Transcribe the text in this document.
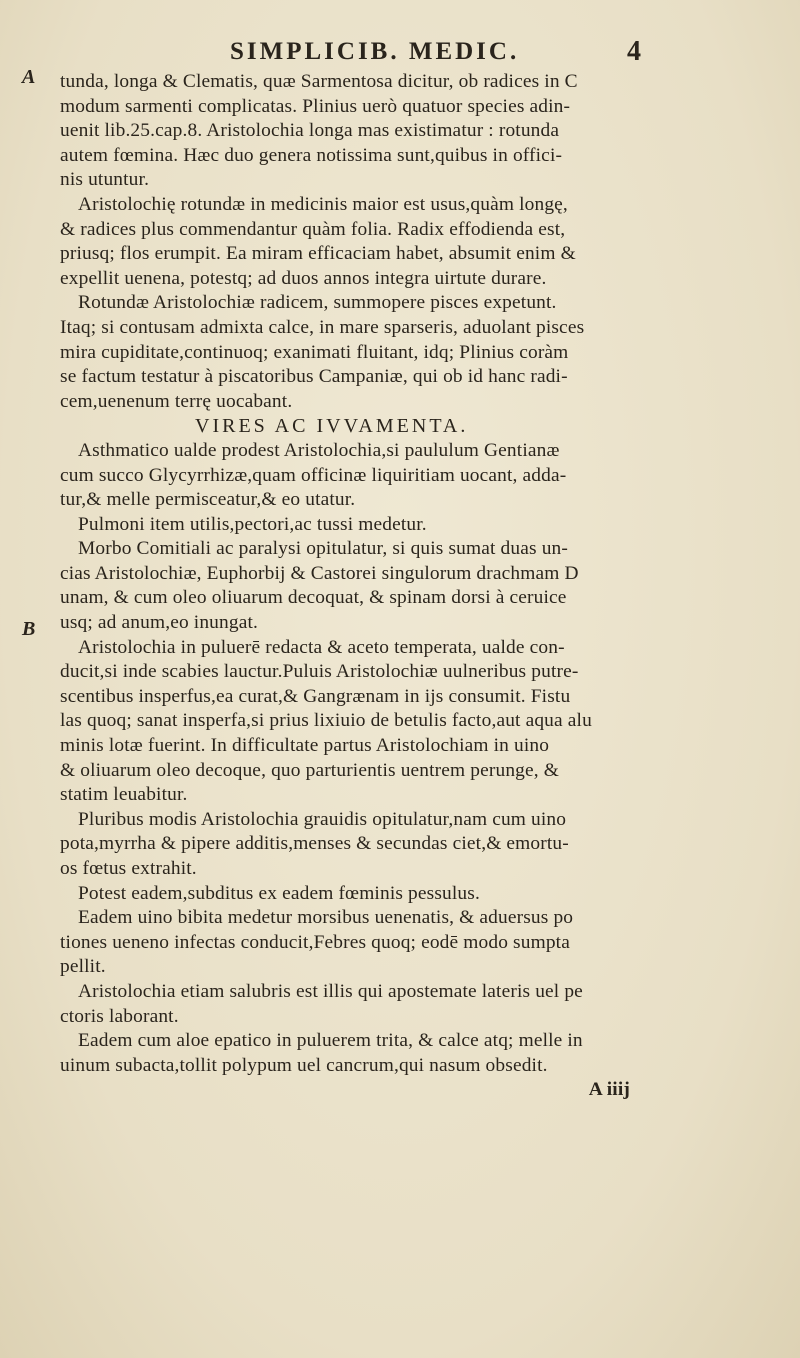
SIMPLICIB. MEDIC.	4
A
B
tunda, longa & Clematis, quæ Sarmentosa dicitur, ob radices in C
modum sarmenti complicatas. Plinius uerò quatuor species adin-
uenit lib.25.cap.8. Aristolochia longa mas existimatur : rotunda
autem fœmina. Hæc duo genera notissima sunt,quibus in offici-
nis utuntur.
Aristolochię rotundæ in medicinis maior est usus,quàm longę,
& radices plus commendantur quàm folia. Radix effodienda est,
priusq; flos erumpit. Ea miram efficaciam habet, absumit enim &
expellit uenena, potestq; ad duos annos integra uirtute durare.
Rotundæ Aristolochiæ radicem, summopere pisces expetunt.
Itaq; si contusam admixta calce, in mare sparseris, aduolant pisces
mira cupiditate,continuoq; exanimati fluitant, idq; Plinius coràm
se factum testatur à piscatoribus Campaniæ, qui ob id hanc radi-
cem,uenenum terrę uocabant.
VIRES AC IVVAMENTA.
Asthmatico ualde prodest Aristolochia,si paululum Gentianæ
cum succo Glycyrrhizæ,quam officinæ liquiritiam uocant, adda-
tur,& melle permisceatur,& eo utatur.
Pulmoni item utilis,pectori,ac tussi medetur.
Morbo Comitiali ac paralysi opitulatur, si quis sumat duas un-
cias Aristolochiæ, Euphorbij & Castorei singulorum drachmam D
unam, & cum oleo oliuarum decoquat, & spinam dorsi à ceruice
usq; ad anum,eo inungat.
Aristolochia in puluerē redacta & aceto temperata, ualde con-
ducit,si inde scabies lauctur.Puluis Aristolochiæ uulneribus putre-
scentibus insperfus,ea curat,& Gangrænam in ijs consumit. Fistu
las quoq; sanat insperfa,si prius lixiuio de betulis facto,aut aqua alu
minis lotæ fuerint. In difficultate partus Aristolochiam in uino
& oliuarum oleo decoque, quo parturientis uentrem perunge, &
statim leuabitur.
Pluribus modis Aristolochia grauidis opitulatur,nam cum uino
pota,myrrha & pipere additis,menses & secundas ciet,& emortu-
os fœtus extrahit.
Potest eadem,subditus ex eadem fœminis pessulus.
Eadem uino bibita medetur morsibus uenenatis, & aduersus po
tiones ueneno infectas conducit,Febres quoq; eodē modo sumpta
pellit.
Aristolochia etiam salubris est illis qui apostemate lateris uel pe
ctoris laborant.
Eadem cum aloe epatico in puluerem trita, & calce atq; melle in
uinum subacta,tollit polypum uel cancrum,qui nasum obsedit.
A iiij
